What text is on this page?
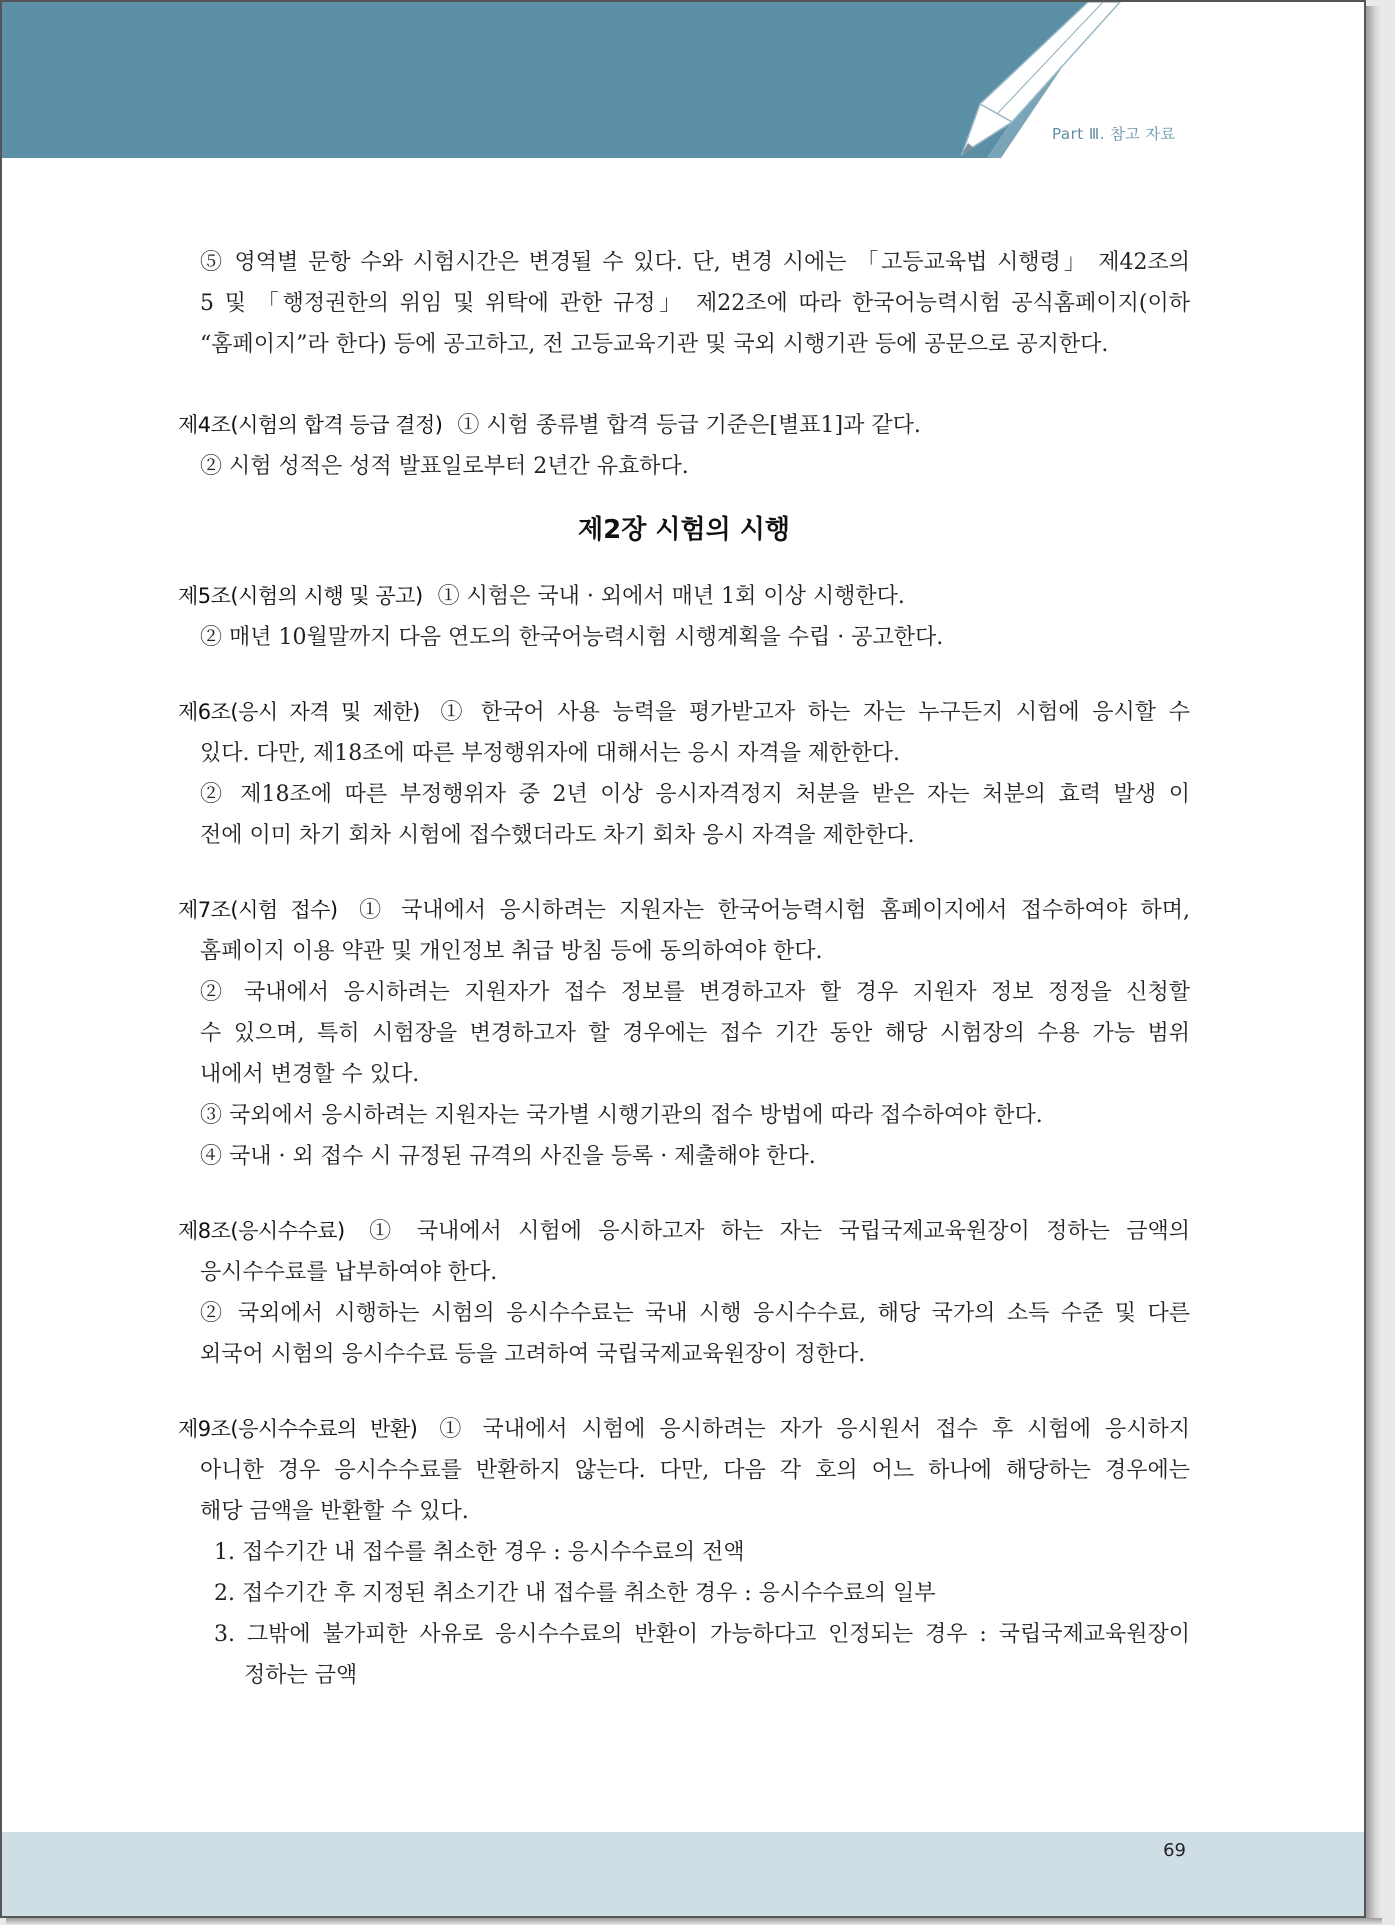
Part Ⅲ. 참고 자료
⑤ 영역별 문항 수와 시험시간은 변경될 수 있다. 단, 변경 시에는 「고등교육법 시행령」 제42조의
5 및 「행정권한의 위임 및 위탁에 관한 규정」 제22조에 따라 한국어능력시험 공식홈페이지(이하
“홈페이지”라 한다) 등에 공고하고, 전 고등교육기관 및 국외 시행기관 등에 공문으로 공지한다.
제4조(시험의 합격 등급 결정) ① 시험 종류별 합격 등급 기준은[별표1]과 같다.
② 시험 성적은 성적 발표일로부터 2년간 유효하다.
제2장 시험의 시행
제5조(시험의 시행 및 공고) ① 시험은 국내 · 외에서 매년 1회 이상 시행한다.
② 매년 10월말까지 다음 연도의 한국어능력시험 시행계획을 수립 · 공고한다.
제6조(응시 자격 및 제한) ① 한국어 사용 능력을 평가받고자 하는 자는 누구든지 시험에 응시할 수
있다. 다만, 제18조에 따른 부정행위자에 대해서는 응시 자격을 제한한다.
② 제18조에 따른 부정행위자 중 2년 이상 응시자격정지 처분을 받은 자는 처분의 효력 발생 이
전에 이미 차기 회차 시험에 접수했더라도 차기 회차 응시 자격을 제한한다.
제7조(시험 접수) ① 국내에서 응시하려는 지원자는 한국어능력시험 홈페이지에서 접수하여야 하며,
홈페이지 이용 약관 및 개인정보 취급 방침 등에 동의하여야 한다.
② 국내에서 응시하려는 지원자가 접수 정보를 변경하고자 할 경우 지원자 정보 정정을 신청할
수 있으며, 특히 시험장을 변경하고자 할 경우에는 접수 기간 동안 해당 시험장의 수용 가능 범위
내에서 변경할 수 있다.
③ 국외에서 응시하려는 지원자는 국가별 시행기관의 접수 방법에 따라 접수하여야 한다.
④ 국내 · 외 접수 시 규정된 규격의 사진을 등록 · 제출해야 한다.
제8조(응시수수료) ① 국내에서 시험에 응시하고자 하는 자는 국립국제교육원장이 정하는 금액의
응시수수료를 납부하여야 한다.
② 국외에서 시행하는 시험의 응시수수료는 국내 시행 응시수수료, 해당 국가의 소득 수준 및 다른
외국어 시험의 응시수수료 등을 고려하여 국립국제교육원장이 정한다.
제9조(응시수수료의 반환) ① 국내에서 시험에 응시하려는 자가 응시원서 접수 후 시험에 응시하지
아니한 경우 응시수수료를 반환하지 않는다. 다만, 다음 각 호의 어느 하나에 해당하는 경우에는
해당 금액을 반환할 수 있다.
1. 접수기간 내 접수를 취소한 경우 : 응시수수료의 전액
2. 접수기간 후 지정된 취소기간 내 접수를 취소한 경우 : 응시수수료의 일부
3. 그밖에 불가피한 사유로 응시수수료의 반환이 가능하다고 인정되는 경우 : 국립국제교육원장이
정하는 금액
69
